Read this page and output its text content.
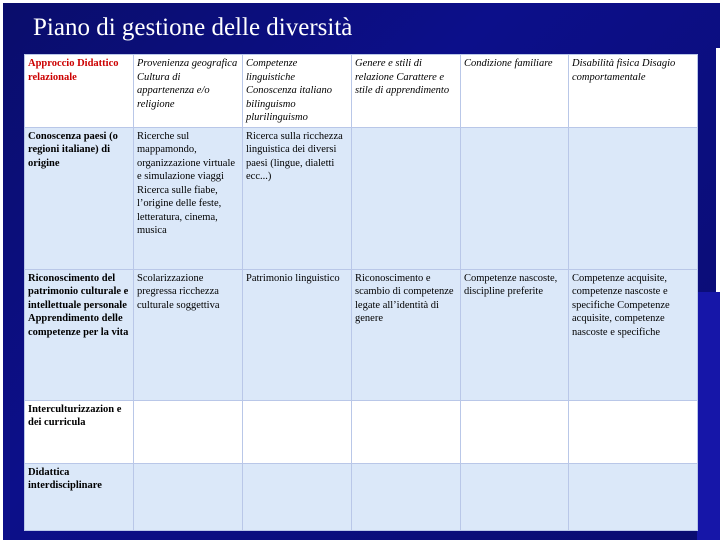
Piano di gestione delle diversità
Approccio Didattico relazionale	Provenienza geografica Cultura di appartenenza e/o religione	Competenze linguistiche Conoscenza italiano bilinguismo plurilinguismo	Genere e stili di relazione Carattere e stile di apprendimento	Condizione familiare	Disabilità fisica Disagio comportamentale
Conoscenza paesi (o regioni italiane) di origine	Ricerche sul mappamondo, organizzazione virtuale e simulazione viaggi Ricerca sulle fiabe, l’origine delle feste, letteratura, cinema, musica	Ricerca sulla ricchezza linguistica dei diversi paesi (lingue, dialetti ecc...)			
Riconoscimento del patrimonio culturale e intellettuale personale Apprendimento delle competenze per la vita	Scolarizzazione pregressa ricchezza culturale soggettiva	Patrimonio linguistico	Riconoscimento e scambio di competenze legate all’identità di genere	Competenze nascoste, discipline preferite	Competenze acquisite, competenze nascoste e specifiche Competenze acquisite, competenze nascoste e specifiche
Interculturizzazion e dei curricula					
Didattica interdisciplinare					
